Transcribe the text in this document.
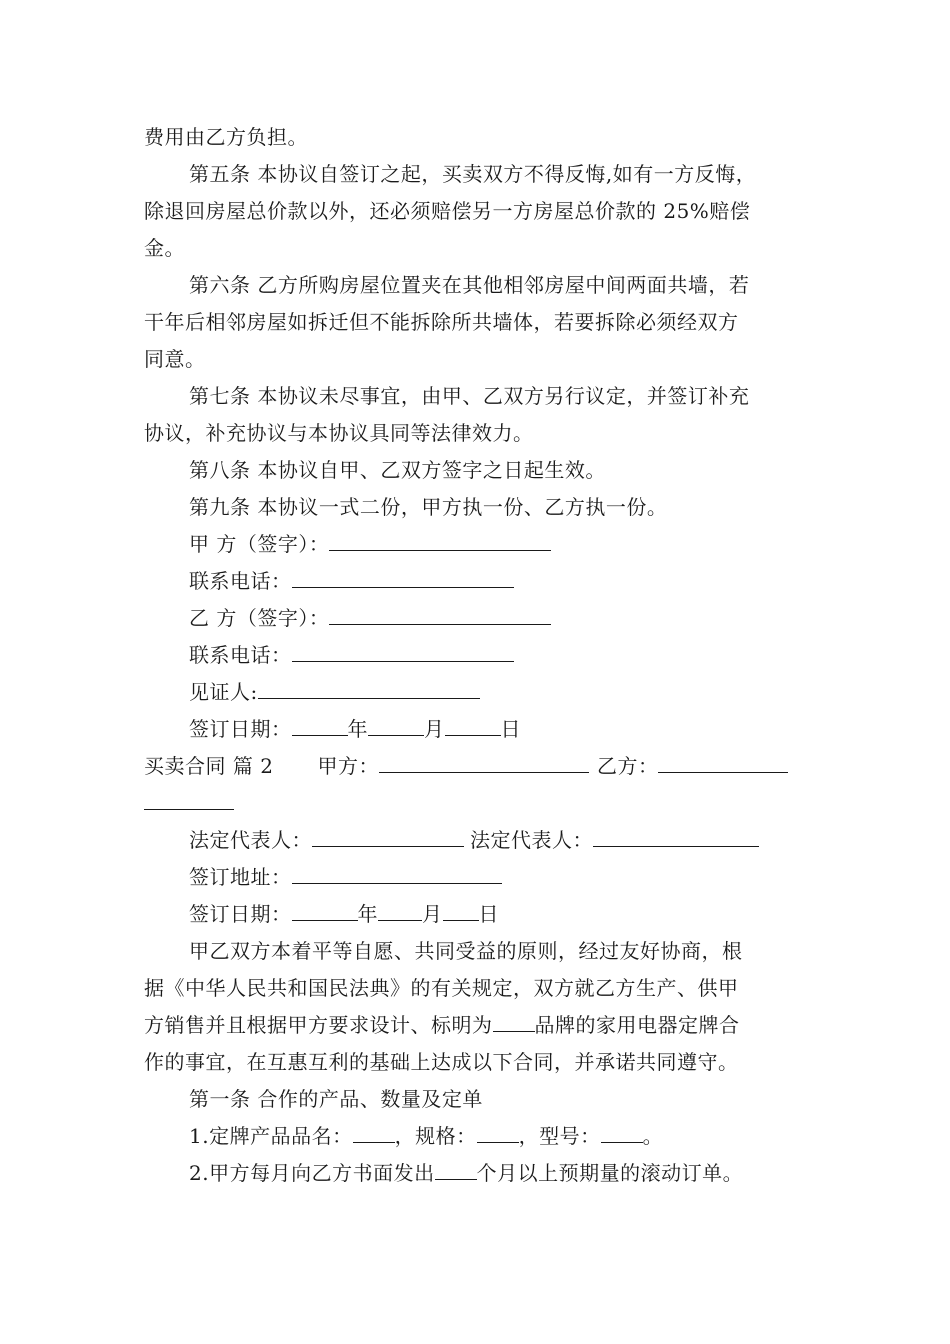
费用由乙方负担。
第五条 本协议自签订之起，买卖双方不得反悔,如有一方反悔，
除退回房屋总价款以外，还必须赔偿另一方房屋总价款的 25%赔偿
金。
第六条 乙方所购房屋位置夹在其他相邻房屋中间两面共墙，若
干年后相邻房屋如拆迁但不能拆除所共墙体，若要拆除必须经双方
同意。
第七条 本协议未尽事宜，由甲、乙双方另行议定，并签订补充
协议，补充协议与本协议具同等法律效力。
第八条 本协议自甲、乙双方签字之日起生效。
第九条 本协议一式二份，甲方执一份、乙方执一份。
甲 方（签字）：
联系电话：
乙 方（签字）：
联系电话：
见证人:
签订日期：	年	月	日
买卖合同 篇 2 甲方：	乙方：
法定代表人：	法定代表人：
签订地址：
签订日期：	年 月 日
甲乙双方本着平等自愿、共同受益的原则，经过友好协商，根
据《中华人民共和国民法典》的有关规定，双方就乙方生产、供甲
方销售并且根据甲方要求设计、标明为 品牌的家用电器定牌合
作的事宜，在互惠互利的基础上达成以下合同，并承诺共同遵守。
第一条 合作的产品、数量及定单
1.定牌产品品名： ，规格： ，型号： 。
2.甲方每月向乙方书面发出 个月以上预期量的滚动订单。
